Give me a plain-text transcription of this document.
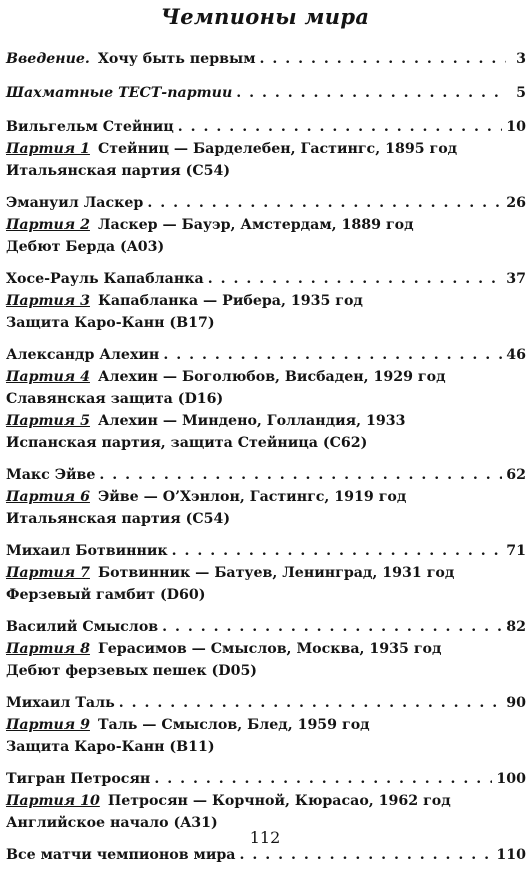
Чемпионы мира
Введение. Хочу быть первым . . .	3
Шахматные ТЕСТ-партии . . .	5
Вильгельм Стейниц . . .	10
Партия 1 Стейниц — Барделебен, Гастингс, 1895 год
Итальянская партия (C54)
Эмануил Ласкер . . .	26
Партия 2 Ласкер — Бауэр, Амстердам, 1889 год
Дебют Берда (A03)
Хосе-Рауль Капабланка . . .	37
Партия 3 Капабланка — Рибера, 1935 год
Защита Каро-Канн (B17)
Александр Алехин . . .	46
Партия 4 Алехин — Боголюбов, Висбаден, 1929 год
Славянская защита (D16)
Партия 5 Алехин — Миндено, Голландия, 1933
Испанская партия, защита Стейница (C62)
Макс Эйве . . .	62
Партия 6 Эйве — О’Хэнлон, Гастингс, 1919 год
Итальянская партия (C54)
Михаил Ботвинник . . .	71
Партия 7 Ботвинник — Батуев, Ленинград, 1931 год
Ферзевый гамбит (D60)
Василий Смыслов . . .	82
Партия 8 Герасимов — Смыслов, Москва, 1935 год
Дебют ферзевых пешек (D05)
Михаил Таль . . .	90
Партия 9 Таль — Смыслов, Блед, 1959 год
Защита Каро-Канн (B11)
Тигран Петросян . . .	100
Партия 10 Петросян — Корчной, Кюрасао, 1962 год
Английское начало (A31)
Все матчи чемпионов мира . . .	110
112
